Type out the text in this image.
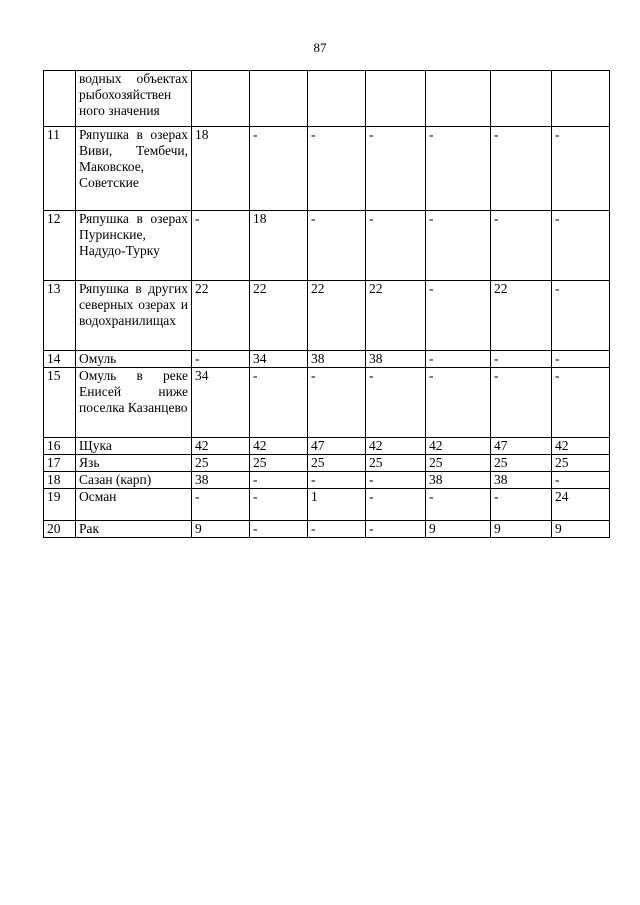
87
	водных объектах рыбохозяйствен ного значения							
11	Ряпушка в озерах Виви, Тембечи, Маковское, Советские	18	-	-	-	-	-	-
12	Ряпушка в озерах Пуринские, Надудо-Турку	-	18	-	-	-	-	-
13	Ряпушка в других северных озерах и водохранилищах	22	22	22	22	-	22	-
14	Омуль	-	34	38	38	-	-	-
15	Омуль в реке Енисей ниже поселка Казанцево	34	-	-	-	-	-	-
16	Щука	42	42	47	42	42	47	42
17	Язь	25	25	25	25	25	25	25
18	Сазан (карп)	38	-	-	-	38	38	-
19	Осман	-	-	1	-	-	-	24
20	Рак	9	-	-	-	9	9	9
